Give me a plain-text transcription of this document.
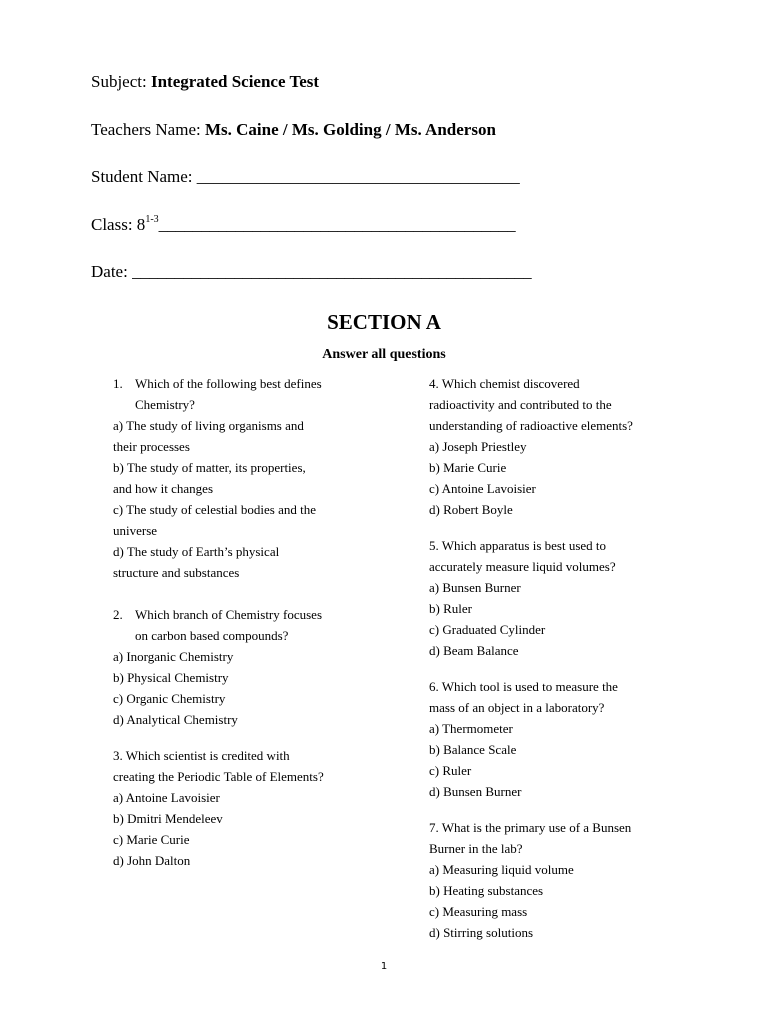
Subject: Integrated Science Test
Teachers Name: Ms. Caine / Ms. Golding / Ms. Anderson
Student Name: ______________________________________
Class: 8$^{1-3}$__________________________________________
Date: _______________________________________________
SECTION A
Answer all questions
1. Which of the following best defines
Chemistry?
a) The study of living organisms and
their processes
b) The study of matter, its properties,
and how it changes
c) The study of celestial bodies and the
universe
d) The study of Earth’s physical
structure and substances
2. Which branch of Chemistry focuses
on carbon based compounds?
a) Inorganic Chemistry
b) Physical Chemistry
c) Organic Chemistry
d) Analytical Chemistry
3. Which scientist is credited with
creating the Periodic Table of Elements?
a) Antoine Lavoisier
b) Dmitri Mendeleev
c) Marie Curie
d) John Dalton
4. Which chemist discovered
radioactivity and contributed to the
understanding of radioactive elements?
a) Joseph Priestley
b) Marie Curie
c) Antoine Lavoisier
d) Robert Boyle
5. Which apparatus is best used to
accurately measure liquid volumes?
a) Bunsen Burner
b) Ruler
c) Graduated Cylinder
d) Beam Balance
6. Which tool is used to measure the
mass of an object in a laboratory?
a) Thermometer
b) Balance Scale
c) Ruler
d) Bunsen Burner
7. What is the primary use of a Bunsen
Burner in the lab?
a) Measuring liquid volume
b) Heating substances
c) Measuring mass
d) Stirring solutions
1
